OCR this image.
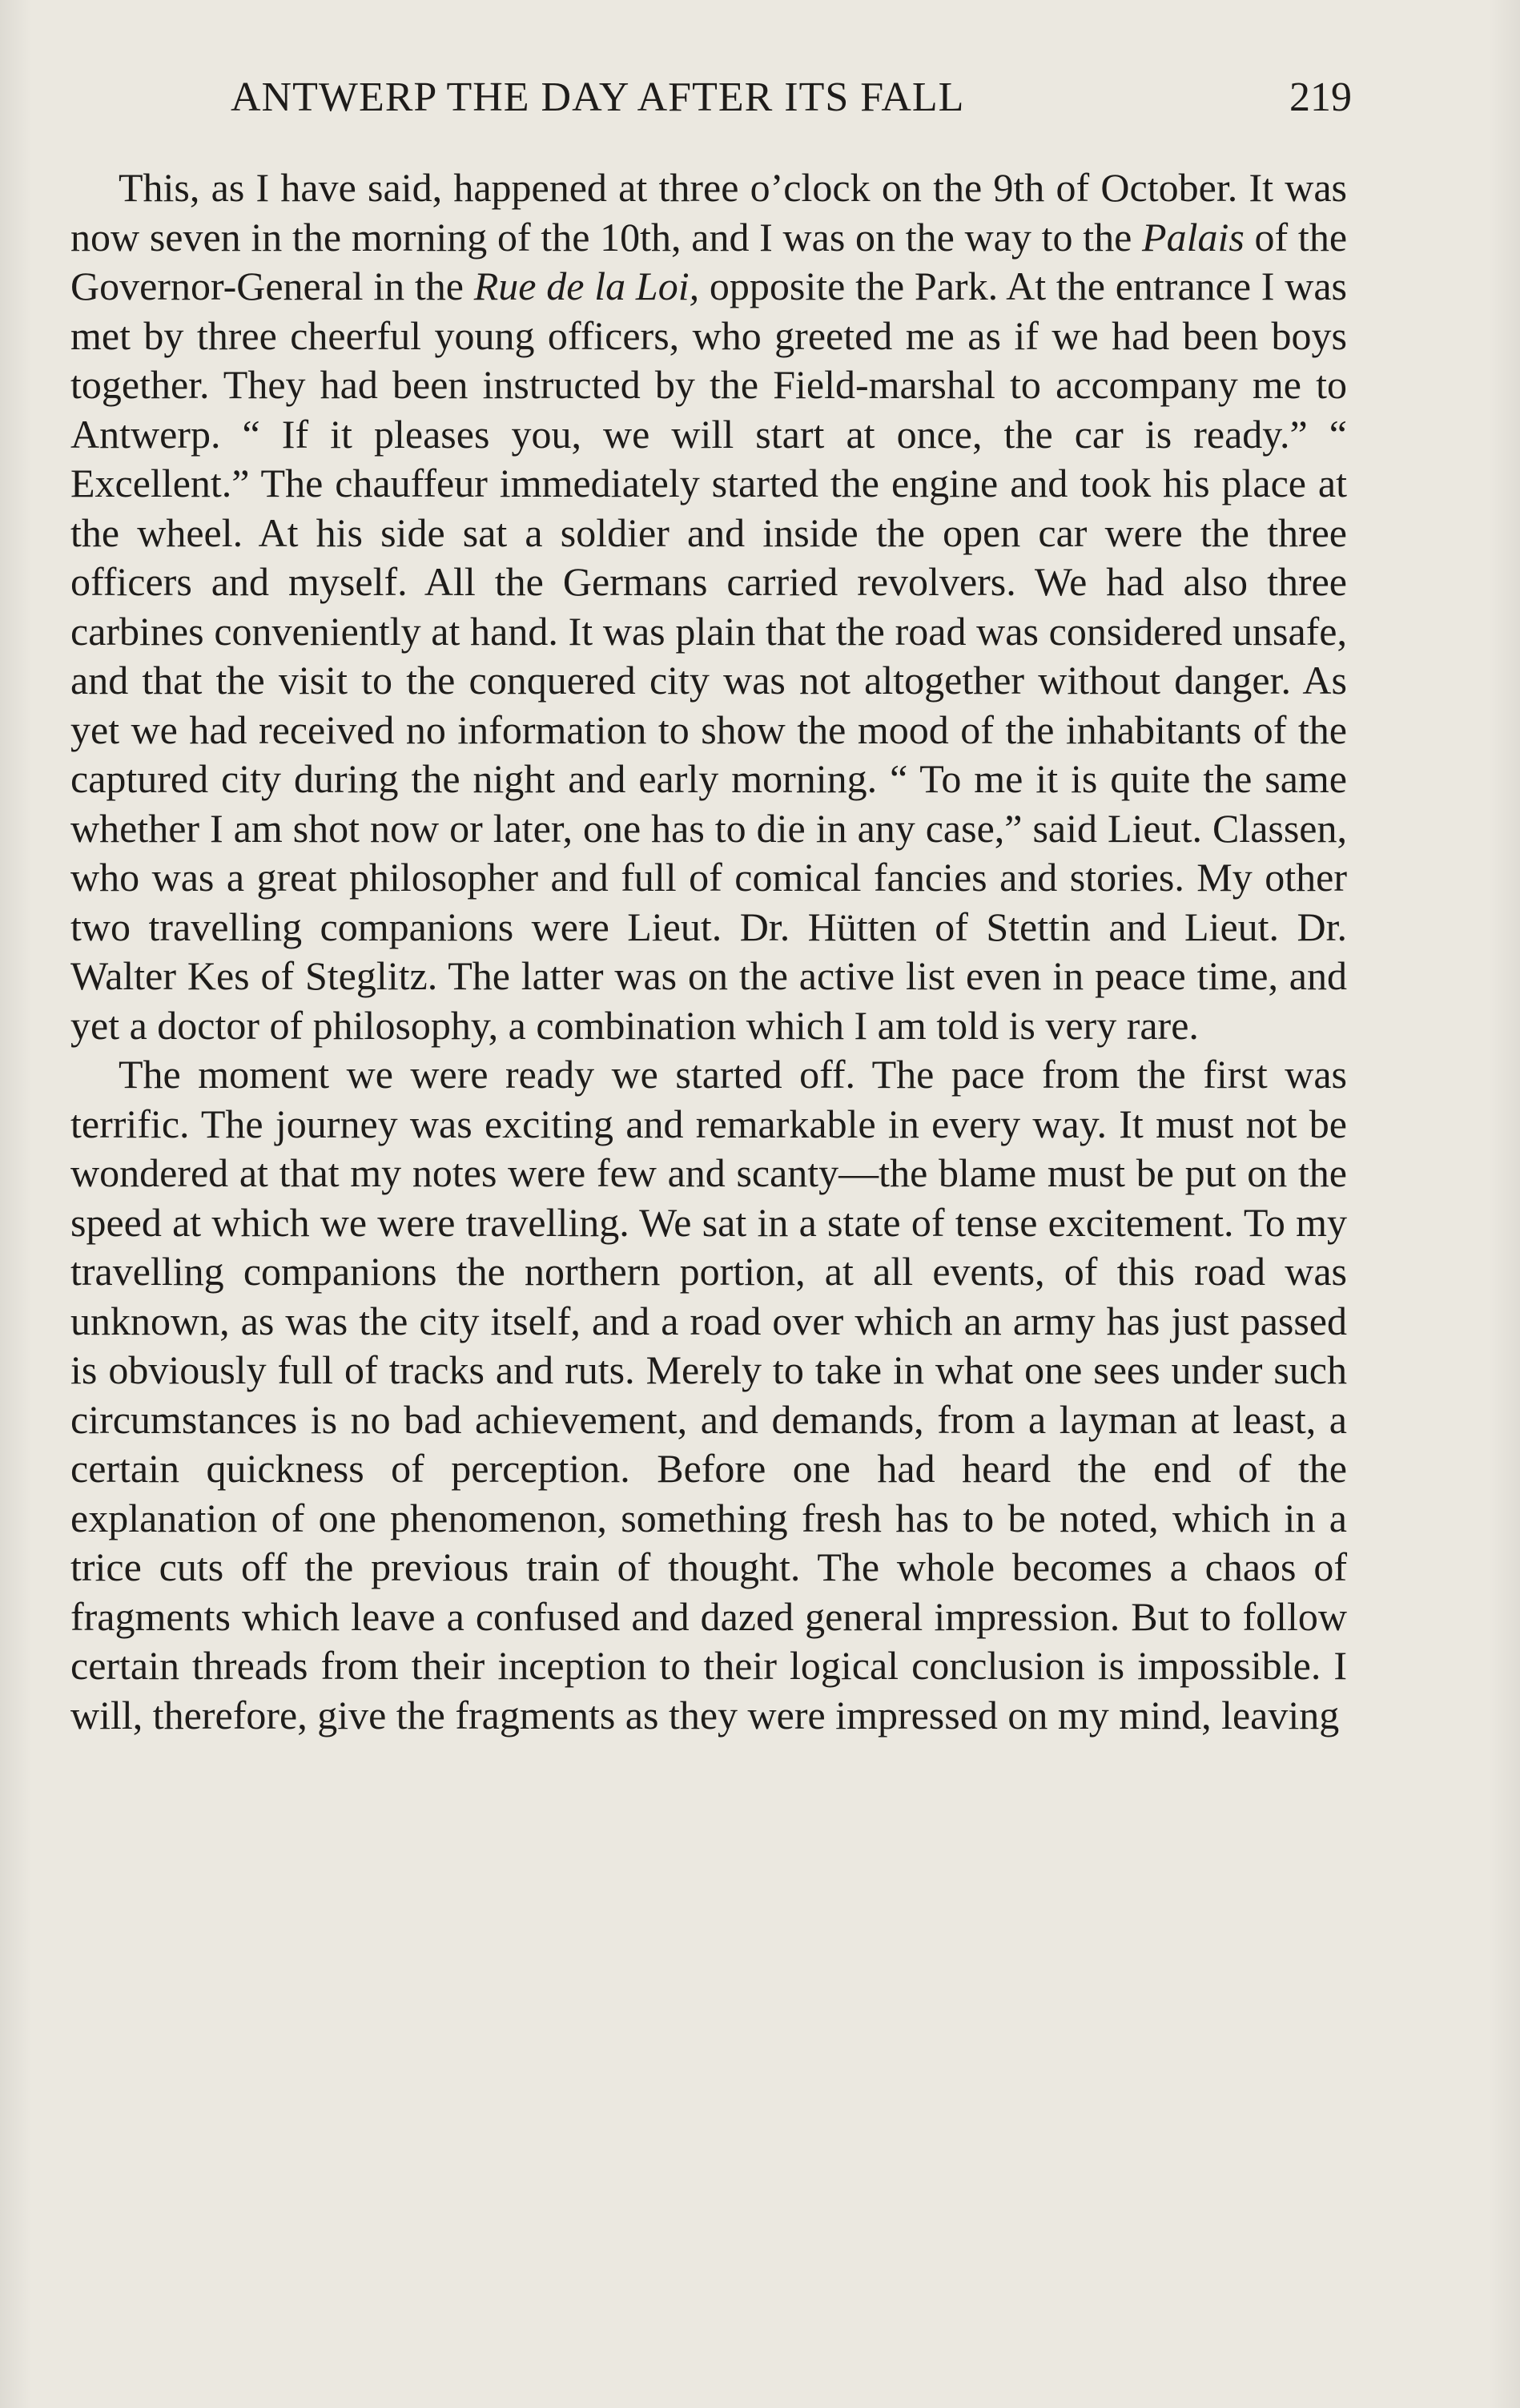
ANTWERP THE DAY AFTER ITS FALL	219

This, as I have said, happened at three o’clock on the 9th of October. It was now seven in the morning of the 10th, and I was on the way to the Palais of the Governor-General in the Rue de la Loi, opposite the Park. At the entrance I was met by three cheerful young officers, who greeted me as if we had been boys together. They had been instructed by the Field-marshal to accompany me to Antwerp. “ If it pleases you, we will start at once, the car is ready.” “ Excellent.” The chauffeur immediately started the engine and took his place at the wheel. At his side sat a soldier and inside the open car were the three officers and myself. All the Germans carried revolvers. We had also three carbines conveniently at hand. It was plain that the road was considered unsafe, and that the visit to the conquered city was not altogether without danger. As yet we had received no information to show the mood of the inhabitants of the captured city during the night and early morning. “ To me it is quite the same whether I am shot now or later, one has to die in any case,” said Lieut. Classen, who was a great philosopher and full of comical fancies and stories. My other two travelling companions were Lieut. Dr. Hütten of Stettin and Lieut. Dr. Walter Kes of Steglitz. The latter was on the active list even in peace time, and yet a doctor of philosophy, a combination which I am told is very rare.

The moment we were ready we started off. The pace from the first was terrific. The journey was exciting and remarkable in every way. It must not be wondered at that my notes were few and scanty—the blame must be put on the speed at which we were travelling. We sat in a state of tense excitement. To my travelling companions the northern portion, at all events, of this road was unknown, as was the city itself, and a road over which an army has just passed is obviously full of tracks and ruts. Merely to take in what one sees under such circumstances is no bad achievement, and demands, from a layman at least, a certain quickness of perception. Before one had heard the end of the explanation of one phenomenon, something fresh has to be noted, which in a trice cuts off the previous train of thought. The whole becomes a chaos of fragments which leave a confused and dazed general impression. But to follow certain threads from their inception to their logical conclusion is impossible. I will, therefore, give the fragments as they were impressed on my mind, leaving
